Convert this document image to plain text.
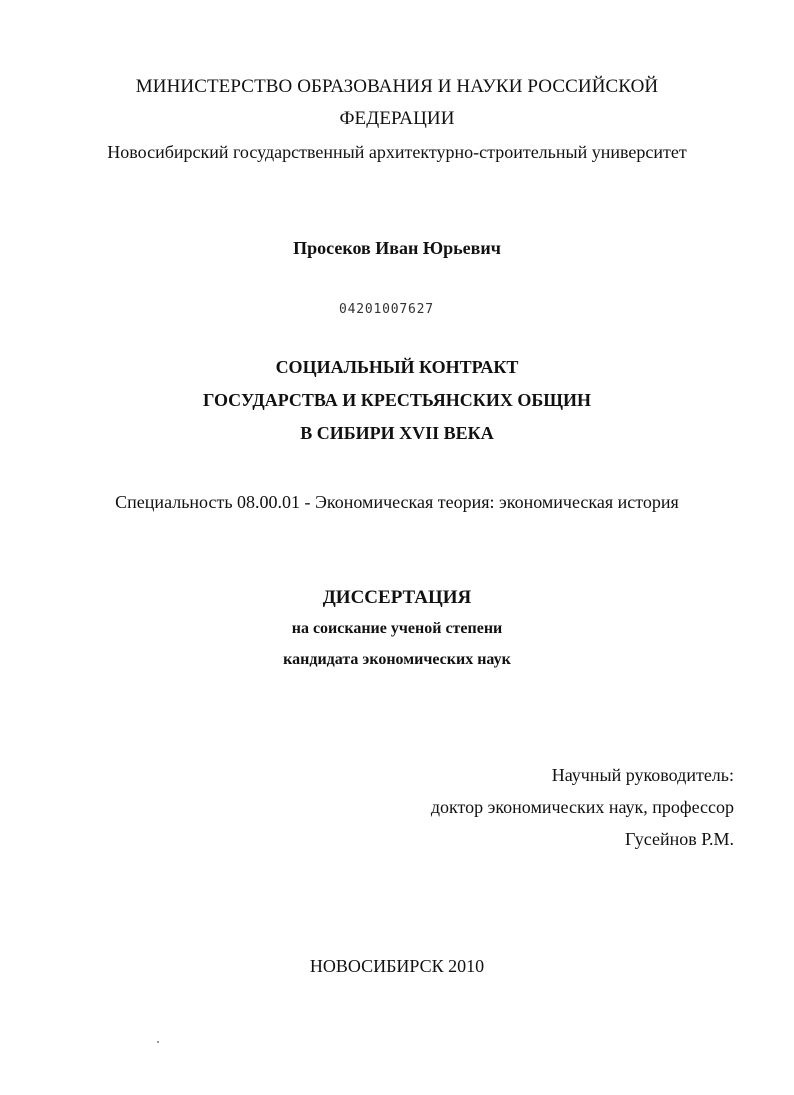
МИНИСТЕРСТВО ОБРАЗОВАНИЯ И НАУКИ РОССИЙСКОЙ
ФЕДЕРАЦИИ
Новосибирский государственный архитектурно-строительный университет
Просеков Иван Юрьевич
04201007627
СОЦИАЛЬНЫЙ КОНТРАКТ
ГОСУДАРСТВА И КРЕСТЬЯНСКИХ ОБЩИН
В СИБИРИ XVII ВЕКА
Специальность 08.00.01 - Экономическая теория: экономическая история
ДИССЕРТАЦИЯ
на соискание ученой степени
кандидата экономических наук
Научный руководитель:
доктор экономических наук, профессор
Гусейнов Р.М.
НОВОСИБИРСК 2010
